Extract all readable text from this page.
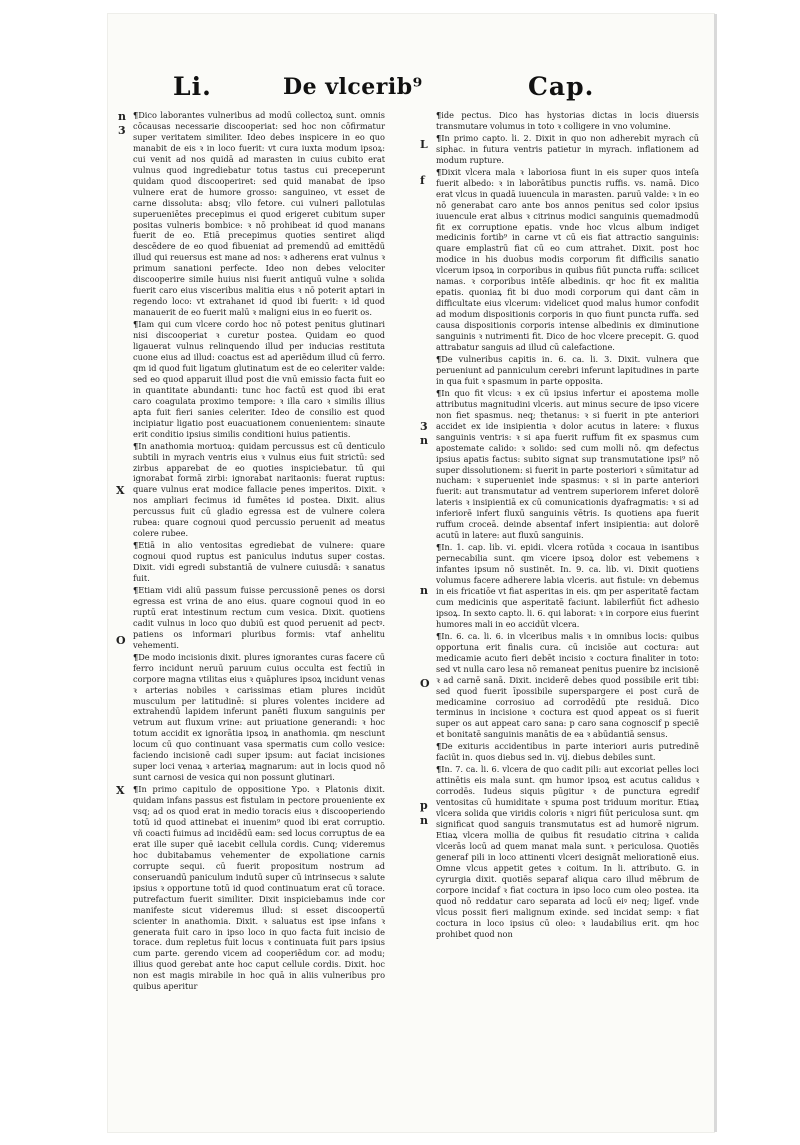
Li.	De vlcerib⁹	Cap.
n
3
O
X
L
f
3
n
n
O
p
n

¶ Dico laborantes vulneribus ad modū collectoꝝ sunt. omnis cōcausas necessarie discooperiat: sed hoc non cōfirmatur super veritatem similiter. Ideo debes inspicere in eo quo manabit de eis ꝛ in loco fuerit: vt cura iuxta modum ipsoꝝ: cui venit ad nos quidā ad marasten in cuius cubito erat vulnus quod ingrediebatur totus tastus cui preceperunt quidam quod discooperiret: sed quid manabat de ipso vulnere erat de humore grosso: sanguineo, vt esset de carne dissoluta: absq; vllo fetore. cui vulneri pallotulas superueniētes precepimus ei quod erigeret cubitum super positas vulneris bombice: ꝛ nō prohibeat id quod manans fuerit de eo. Etiā precepimus quoties sentiret aliqd descēdere de eo quod fibueniat ad premendū ad emittēdū illud qui reuersus est mane ad nos: ꝛ adherens erat vulnus ꝛ primum sanationi perfecte. Ideo non debes velociter discooperire simile huius nisi fuerit antiquū vulne ꝛ solida fuerit caro eius visceribus malitia eius ꝛ nō poterit aptari in regendo loco: vt extrahanet id quod ibi fuerit: ꝛ id quod manauerit de eo fuerit malū ꝛ maligni eius in eo fuerit os.

¶ Iam qui cum vlcere cordo hoc nō potest penitus glutinari nisi discooperiat ꝛ curetur postea. Quidam eo quod ligauerat vulnus relinquendo illud per inducias restituta cuone eius ad illud: coactus est ad aperiēdum illud cū ferro. qm id quod fuit ligatum glutinatum est de eo celeriter valde: sed eo quod apparuit illud post die vnū emissio facta fuit eo in quantitate abundanti: tunc hoc factū est quod ibi erat caro coagulata proximo tempore: ꝛ illa caro ꝛ similis illius apta fuit fieri sanies celeriter. Ideo de consilio est quod incipiatur ligatio post euacuationem conuenientem: sinaute erit conditio ipsius similis conditioni huius patientis.

¶ In anathomia mortuoꝝ: quidam percussus est cū denticulo subtili in myrach ventris eius ꝛ vulnus eius fuit strictū: sed zirbus apparebat de eo quoties inspiciebatur. tū qui ignorabat formā zirbi: ignorabat naritaonis: fuerat ruptus: quare vulnus erat modice fallacie penes imperitos. Dixit. ꝛ nos ampliari fecimus id fumētes id postea. Dixit. alius percussus fuit cū gladio egressa est de vulnere colera rubea: quare cognoui quod percussio peruenit ad meatus colere rubee.

¶ Etiā in alio ventositas egrediebat de vulnere: quare cognoui quod ruptus est paniculus indutus super costas. Dixit. vidi egredi substantiā de vulnere cuiusdā: ꝛ sanatus fuit.

¶ Etiam vidi aliū passum fuisse percussionē penes os dorsi egressa est vrina de ano eius. quare cognoui quod in eo ruptū erat intestinum rectum cum vesica. Dixit. quotiens cadit vulnus in loco quo dubiū est quod peruenit ad pectꝰ. patiens os informari pluribus formis: vtaf anhelitu vehementi.

¶ De modo incisionis dixit. plures ignorantes curas facere cū ferro incidunt neruū paruum cuius occulta est fectiū in corpore magna vtilitas eius ꝛ quāplures ipsoꝝ incidunt venas ꝛ arterias nobiles ꝛ carissimas etiam plures incidūt musculum per latitudinē: si plures volentes incidere ad extrahendū lapidem inferunt panēti fluxum sanguinis per vetrum aut fluxum vrine: aut priuatione generandi: ꝛ hoc totum accidit ex ignorātia ipsoꝝ in anathomia. qm nesciunt locum cū quo continuant vasa spermatis cum collo vesice: faciendo incisionē cadi super ipsum: aut faciat incisiones super loci venaꝝ ꝛ arteriaꝝ magnarum: aut in locis quod nō sunt carnosi de vesica qui non possunt glutinari.

¶ In primo capitulo de oppositione Ypo. ꝛ Platonis dixit. quidam infans passus est fistulam in pectore proueniente ex vsq; ad os quod erat in medio toracis eius ꝛ discooperiendo totū id quod attinebat ei inuenim⁹ quod ibi erat corruptio. vñ coacti fuimus ad incidēdū eam: sed locus corruptus de ea erat ille super quē iacebit cellula cordis. Cunq; videremus hoc dubitabamus vehementer de expoliatione carnis corrupte sequi. cū fuerit propositum nostrum ad conseruandū paniculum indutū super cū intrinsecus ꝛ salute ipsius ꝛ opportune totū id quod continuatum erat cū torace. putrefactum fuerit similiter. Dixit inspiciebamus inde cor manifeste sicut videremus illud: si esset discoopertū scienter in anathomia. Dixit. ꝛ saluatus est ipse infans ꝛ generata fuit caro in ipso loco in quo facta fuit incisio de torace. dum repletus fuit locus ꝛ continuata fuit pars ipsius cum parte. gerendo vicem ad cooperiēdum cor. ad modu; illius quod gerebat ante hoc caput cellule cordis. Dixit. hoc non est magis mirabile in hoc quā in aliis vulneribus pro quibus aperitur

¶ ide pectus. Dico has hystorias dictas in locis diuersis transmutare volumus in toto ꝛ colligere in vno volumine.

¶ In primo capto. li. 2. Dixit in quo non adherebit myrach cū siphac. in futura ventris patietur in myrach. inflationem ad modum rupture.

¶ Dixit vlcera mala ꝛ laboriosa fiunt in eis super quos inteſa fuerit albedo: ꝛ in laborātibus punctis ruffis. vs. namā. Dico erat vlcus in quadā iuuencula in marasten. paruū valde: ꝛ in eo nō generabat caro ante bos annos penitus sed color ipsius iuuencule erat albus ꝛ citrinus modici sanguinis quemadmodū fit ex corruptione epatis. vnde hoc vlcus album indiget medicinis fortib⁹ in carne vt cū eis fiat attractio sanguinis: quare emplastrū fiat cū eo cum attrahet. Dixit. post hoc modice in his duobus modis corporum fit difficilis sanatio vlcerum ipsoꝝ in corporibus in quibus fiūt puncta ruffa: scilicet namas. ꝛ corporibus intēſe albedinis. qr hoc fit ex malitia epatis. quoniaꝝ fit bi duo modi corporum qui dant cām in difficultate eius vlcerum: videlicet quod malus humor confodit ad modum dispositionis corporis in quo fiunt puncta ruffa. sed causa dispositionis corporis intense albedinis ex diminutione sanguinis ꝛ nutrimenti fit. Dico de hoc vlcere precepit. G. quod attrabatur sanguis ad illud cū calefactione.

¶ De vulneribus capitis in. 6. ca. li. 3. Dixit. vulnera que perueniunt ad panniculum cerebri inferunt lapitudines in parte in qua fuit ꝛ spasmum in parte opposita.

¶ In quo fit vlcus: ꝛ ex cū ipsius infertur ei apostema molle attributus magnitudini vlceris. aut minus secure de ipso vicere non fiet spasmus. neq; thetanus: ꝛ si fuerit in pte anteriori accidet ex ide insipientia ꝛ dolor acutus in latere: ꝛ fluxus sanguinis ventris: ꝛ si apa fuerit ruffum fit ex spasmus cum apostemate calido: ꝛ solido: sed cum molli nō. qm defectus ipsius apatis factus: subito signat sup transmutatione ipsi⁹ nō super dissolutionem: si fuerit in parte posteriori ꝛ sūmitatur ad nucham: ꝛ superueniet inde spasmus: ꝛ si in parte anteriori fuerit: aut transmutatur ad ventrem superiorem inferet dolorē lateris ꝛ insipientiā ex cū comunicationis dyafragmatis: ꝛ si ad inferiorē infert fluxū sanguinis vētris. Is quotiens apa fuerit ruffum croceā. deinde absentaf infert insipientia: aut dolorē acutū in latere: aut fluxū sanguinis.

¶ In. 1. cap. lib. vi. epidi. vlcera rotūda ꝛ cocaua in isantibus pernecabilia sunt. qm vicere ipsoꝝ dolor est vebemens ꝛ infantes ipsum nō sustinēt. In. 9. ca. lib. vi. Dixit quotiens volumus facere adherere labia vlceris. aut fistule: vn debemus in eis fricatiōe vt fiat asperitas in eis. qm per asperitatē factam cum medicinis que asperitatē faciunt. labilerfiūt fict adhesio ipsoꝝ. In sexto capto. li. 6. qui laborat: ꝛ in corpore eius fuerint humores mali in eo accidūt vlcera.

¶ In. 6. ca. li. 6. in vlceribus malis ꝛ in omnibus locis: quibus opportuna erit finalis cura. cū incisiōe aut coctura: aut medicamie acuto fieri debēt incisio ꝛ coctura finaliter in toto: sed vt nulla caro lesa nō remaneat penitus puenire bz incisionē ꝛ ad carnē sanā. Dixit. inciderē debes quod possibile erit tibi: sed quod fuerit īpossibile superspargere ei post curā de medicamine corrosiuo ad corrodēdū pte residuā. Dico terminus in incisione ꝛ coctura est quod appeat os si fuerit super os aut appeat caro sana: p caro sana cognoscif p speciē et bonitatē sanguinis manātis de ea ꝛ abūdantiā sensus.

¶ De exituris accidentibus in parte interiori auris putredinē faciūt in. quos diebus sed in. vij. diebus debiles sunt.

¶ In. 7. ca. li. 6. vlcera de quo cadit pili: aut excoriat pelles loci attinētis eis mala sunt. qm humor ipsoꝝ est acutus calidus ꝛ corrodēs. Iudeus siquis pūgitur ꝛ de punctura egredif ventositas cū humiditate ꝛ spuma post triduum moritur. Etiaꝝ vlcera solida que viridis coloris ꝛ nigri fiūt periculosa sunt. qm significat quod sanguis transmutatus est ad humorē nigrum. Etiaꝝ vlcera mollia de quibus fit resudatio citrina ꝛ calida vlcerās locū ad quem manat mala sunt. ꝛ periculosa. Quotiēs generaf pili in loco attinenti vlceri designāt meliorationē eius. Omne vlcus appetit getes ꝛ coitum. In li. attributo. G. in cyrurgia dixit. quotiēs separaf aliqua caro illud mēbrum de corpore incidaf ꝛ fiat coctura in ipso loco cum oleo postea. ita quod nō reddatur caro separata ad locū eiꝰ neq; ligef. vnde vlcus possit fieri malignum exinde. sed incidat semp: ꝛ fiat coctura in loco ipsius cū oleo: ꝛ laudabilius erit. qm hoc prohibet quod non

X
